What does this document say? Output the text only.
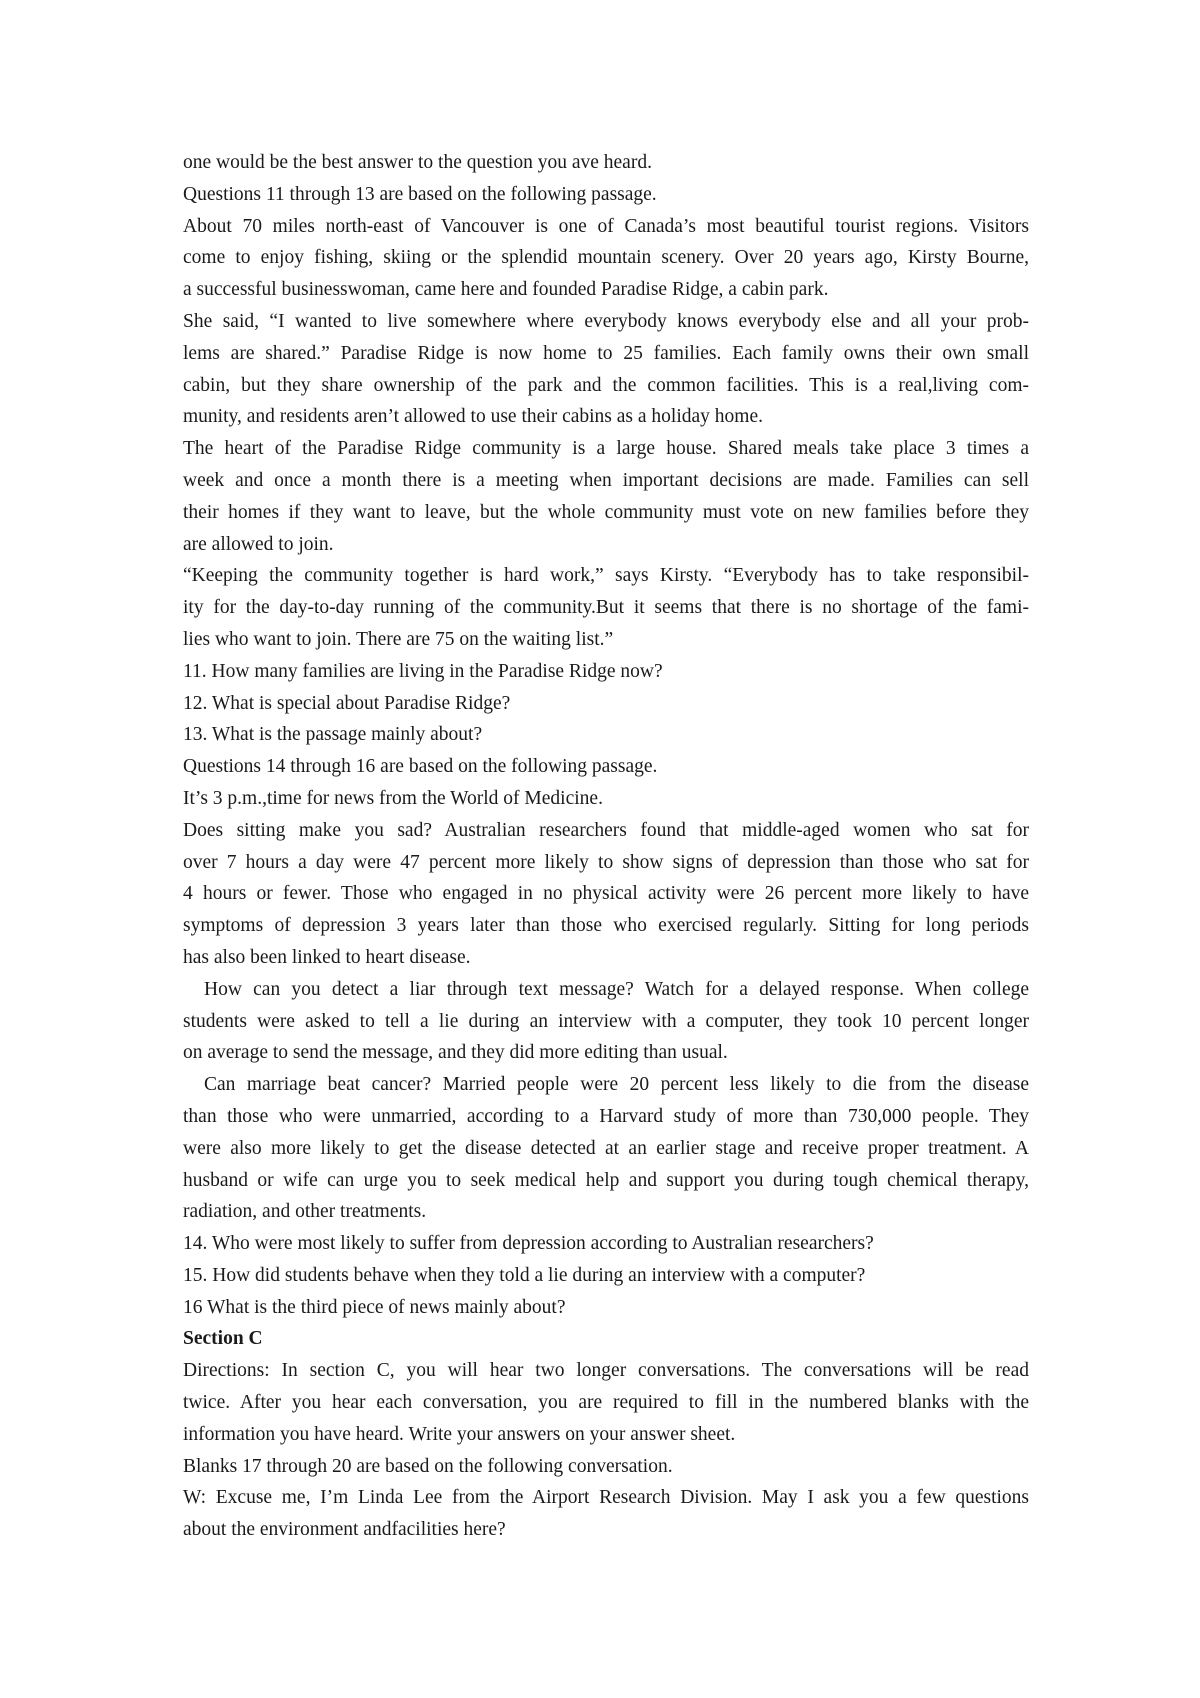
one would be the best answer to the question you ave heard.

Questions 11 through 13 are based on the following passage.

About 70 miles north-east of Vancouver is one of Canada’s most beautiful tourist regions. Visitors

come to enjoy fishing, skiing or the splendid mountain scenery. Over 20 years ago, Kirsty Bourne,

a successful businesswoman, came here and founded Paradise Ridge, a cabin park.

She said, “I wanted to live somewhere where everybody knows everybody else and all your prob-

lems are shared.” Paradise Ridge is now home to 25 families. Each family owns their own small

cabin, but they share ownership of the park and the common facilities. This is a real,living com-

munity, and residents aren’t allowed to use their cabins as a holiday home.

The heart of the Paradise Ridge community is a large house. Shared meals take place 3 times a

week and once a month there is a meeting when important decisions are made. Families can sell

their homes if they want to leave, but the whole community must vote on new families before they

are allowed to join.

“Keeping the community together is hard work,” says Kirsty. “Everybody has to take responsibil-

ity for the day-to-day running of the community.But it seems that there is no shortage of the fami-

lies who want to join. There are 75 on the waiting list.”

11. How many families are living in the Paradise Ridge now?

12. What is special about Paradise Ridge?

13. What is the passage mainly about?

Questions 14 through 16 are based on the following passage.

It’s 3 p.m.,time for news from the World of Medicine.

Does sitting make you sad? Australian researchers found that middle-aged women who sat for

over 7 hours a day were 47 percent more likely to show signs of depression than those who sat for

4 hours or fewer. Those who engaged in no physical activity were 26 percent more likely to have

symptoms of depression 3 years later than those who exercised regularly. Sitting for long periods

has also been linked to heart disease.

How can you detect a liar through text message? Watch for a delayed response. When college

students were asked to tell a lie during an interview with a computer, they took 10 percent longer

on average to send the message, and they did more editing than usual.

Can marriage beat cancer? Married people were 20 percent less likely to die from the disease

than those who were unmarried, according to a Harvard study of more than 730,000 people. They

were also more likely to get the disease detected at an earlier stage and receive proper treatment. A

husband or wife can urge you to seek medical help and support you during tough chemical therapy,

radiation, and other treatments.

14. Who were most likely to suffer from depression according to Australian researchers?

15. How did students behave when they told a lie during an interview with a computer?

16 What is the third piece of news mainly about?

Section C

Directions: In section C, you will hear two longer conversations. The conversations will be read

twice. After you hear each conversation, you are required to fill in the numbered blanks with the

information you have heard. Write your answers on your answer sheet.

Blanks 17 through 20 are based on the following conversation.

W: Excuse me, I’m Linda Lee from the Airport Research Division. May I ask you a few questions

about the environment andfacilities here?
